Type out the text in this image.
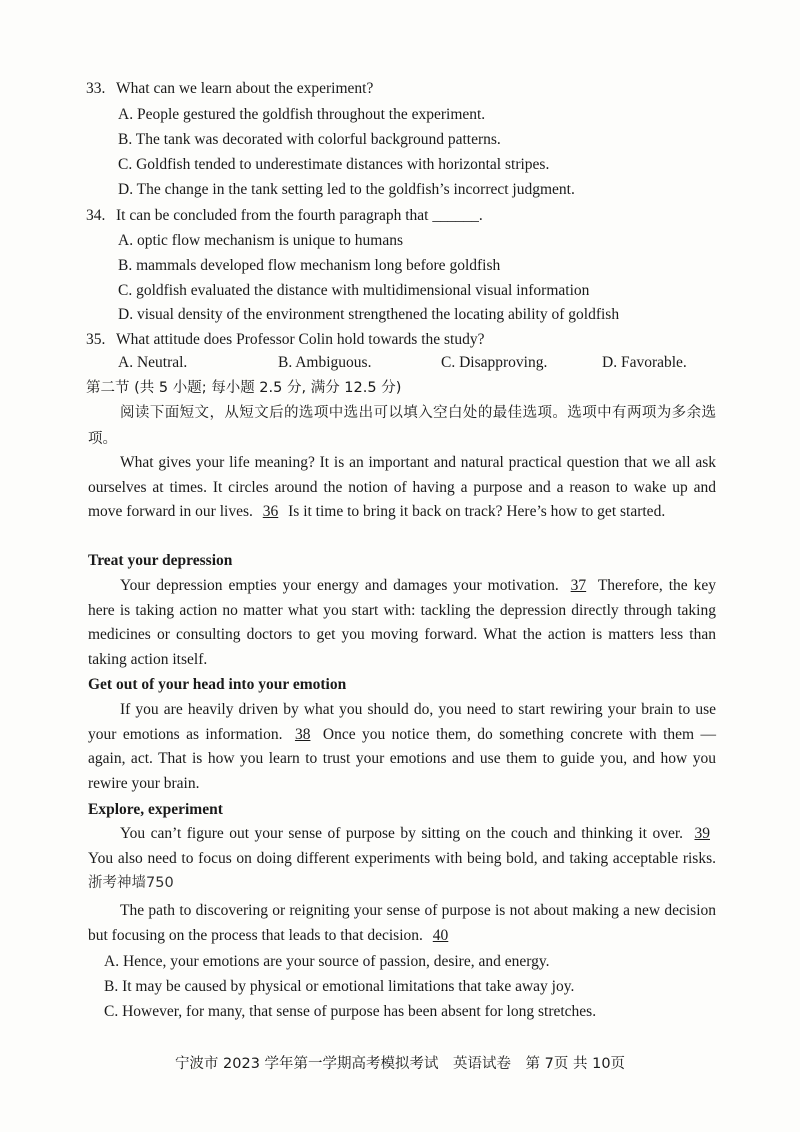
33. What can we learn about the experiment?
A. People gestured the goldfish throughout the experiment.
B. The tank was decorated with colorful background patterns.
C. Goldfish tended to underestimate distances with horizontal stripes.
D. The change in the tank setting led to the goldfish’s incorrect judgment.
34. It can be concluded from the fourth paragraph that ______.
A. optic flow mechanism is unique to humans
B. mammals developed flow mechanism long before goldfish
C. goldfish evaluated the distance with multidimensional visual information
D. visual density of the environment strengthened the locating ability of goldfish
35. What attitude does Professor Colin hold towards the study?
A. Neutral.	B. Ambiguous.	C. Disapproving.	D. Favorable.
第二节 (共 5 小题; 每小题 2.5 分, 满分 12.5 分)
阅读下面短文，从短文后的选项中选出可以填入空白处的最佳选项。选项中有两项为多余选项。
What gives your life meaning? It is an important and natural practical question that we all ask ourselves at times. It circles around the notion of having a purpose and a reason to wake up and move forward in our lives. 36 Is it time to bring it back on track? Here’s how to get started.
Treat your depression
Your depression empties your energy and damages your motivation. 37 Therefore, the key here is taking action no matter what you start with: tackling the depression directly through taking medicines or consulting doctors to get you moving forward. What the action is matters less than taking action itself.
Get out of your head into your emotion
If you are heavily driven by what you should do, you need to start rewiring your brain to use your emotions as information. 38 Once you notice them, do something concrete with them — again, act. That is how you learn to trust your emotions and use them to guide you, and how you rewire your brain.
Explore, experiment
You can’t figure out your sense of purpose by sitting on the couch and thinking it over. 39 You also need to focus on doing different experiments with being bold, and taking acceptable risks. 浙考神墙750
The path to discovering or reigniting your sense of purpose is not about making a new decision but focusing on the process that leads to that decision. 40
A. Hence, your emotions are your source of passion, desire, and energy.
B. It may be caused by physical or emotional limitations that take away joy.
C. However, for many, that sense of purpose has been absent for long stretches.
宁波市 2023 学年第一学期高考模拟考试　英语试卷　第 7页 共 10页
